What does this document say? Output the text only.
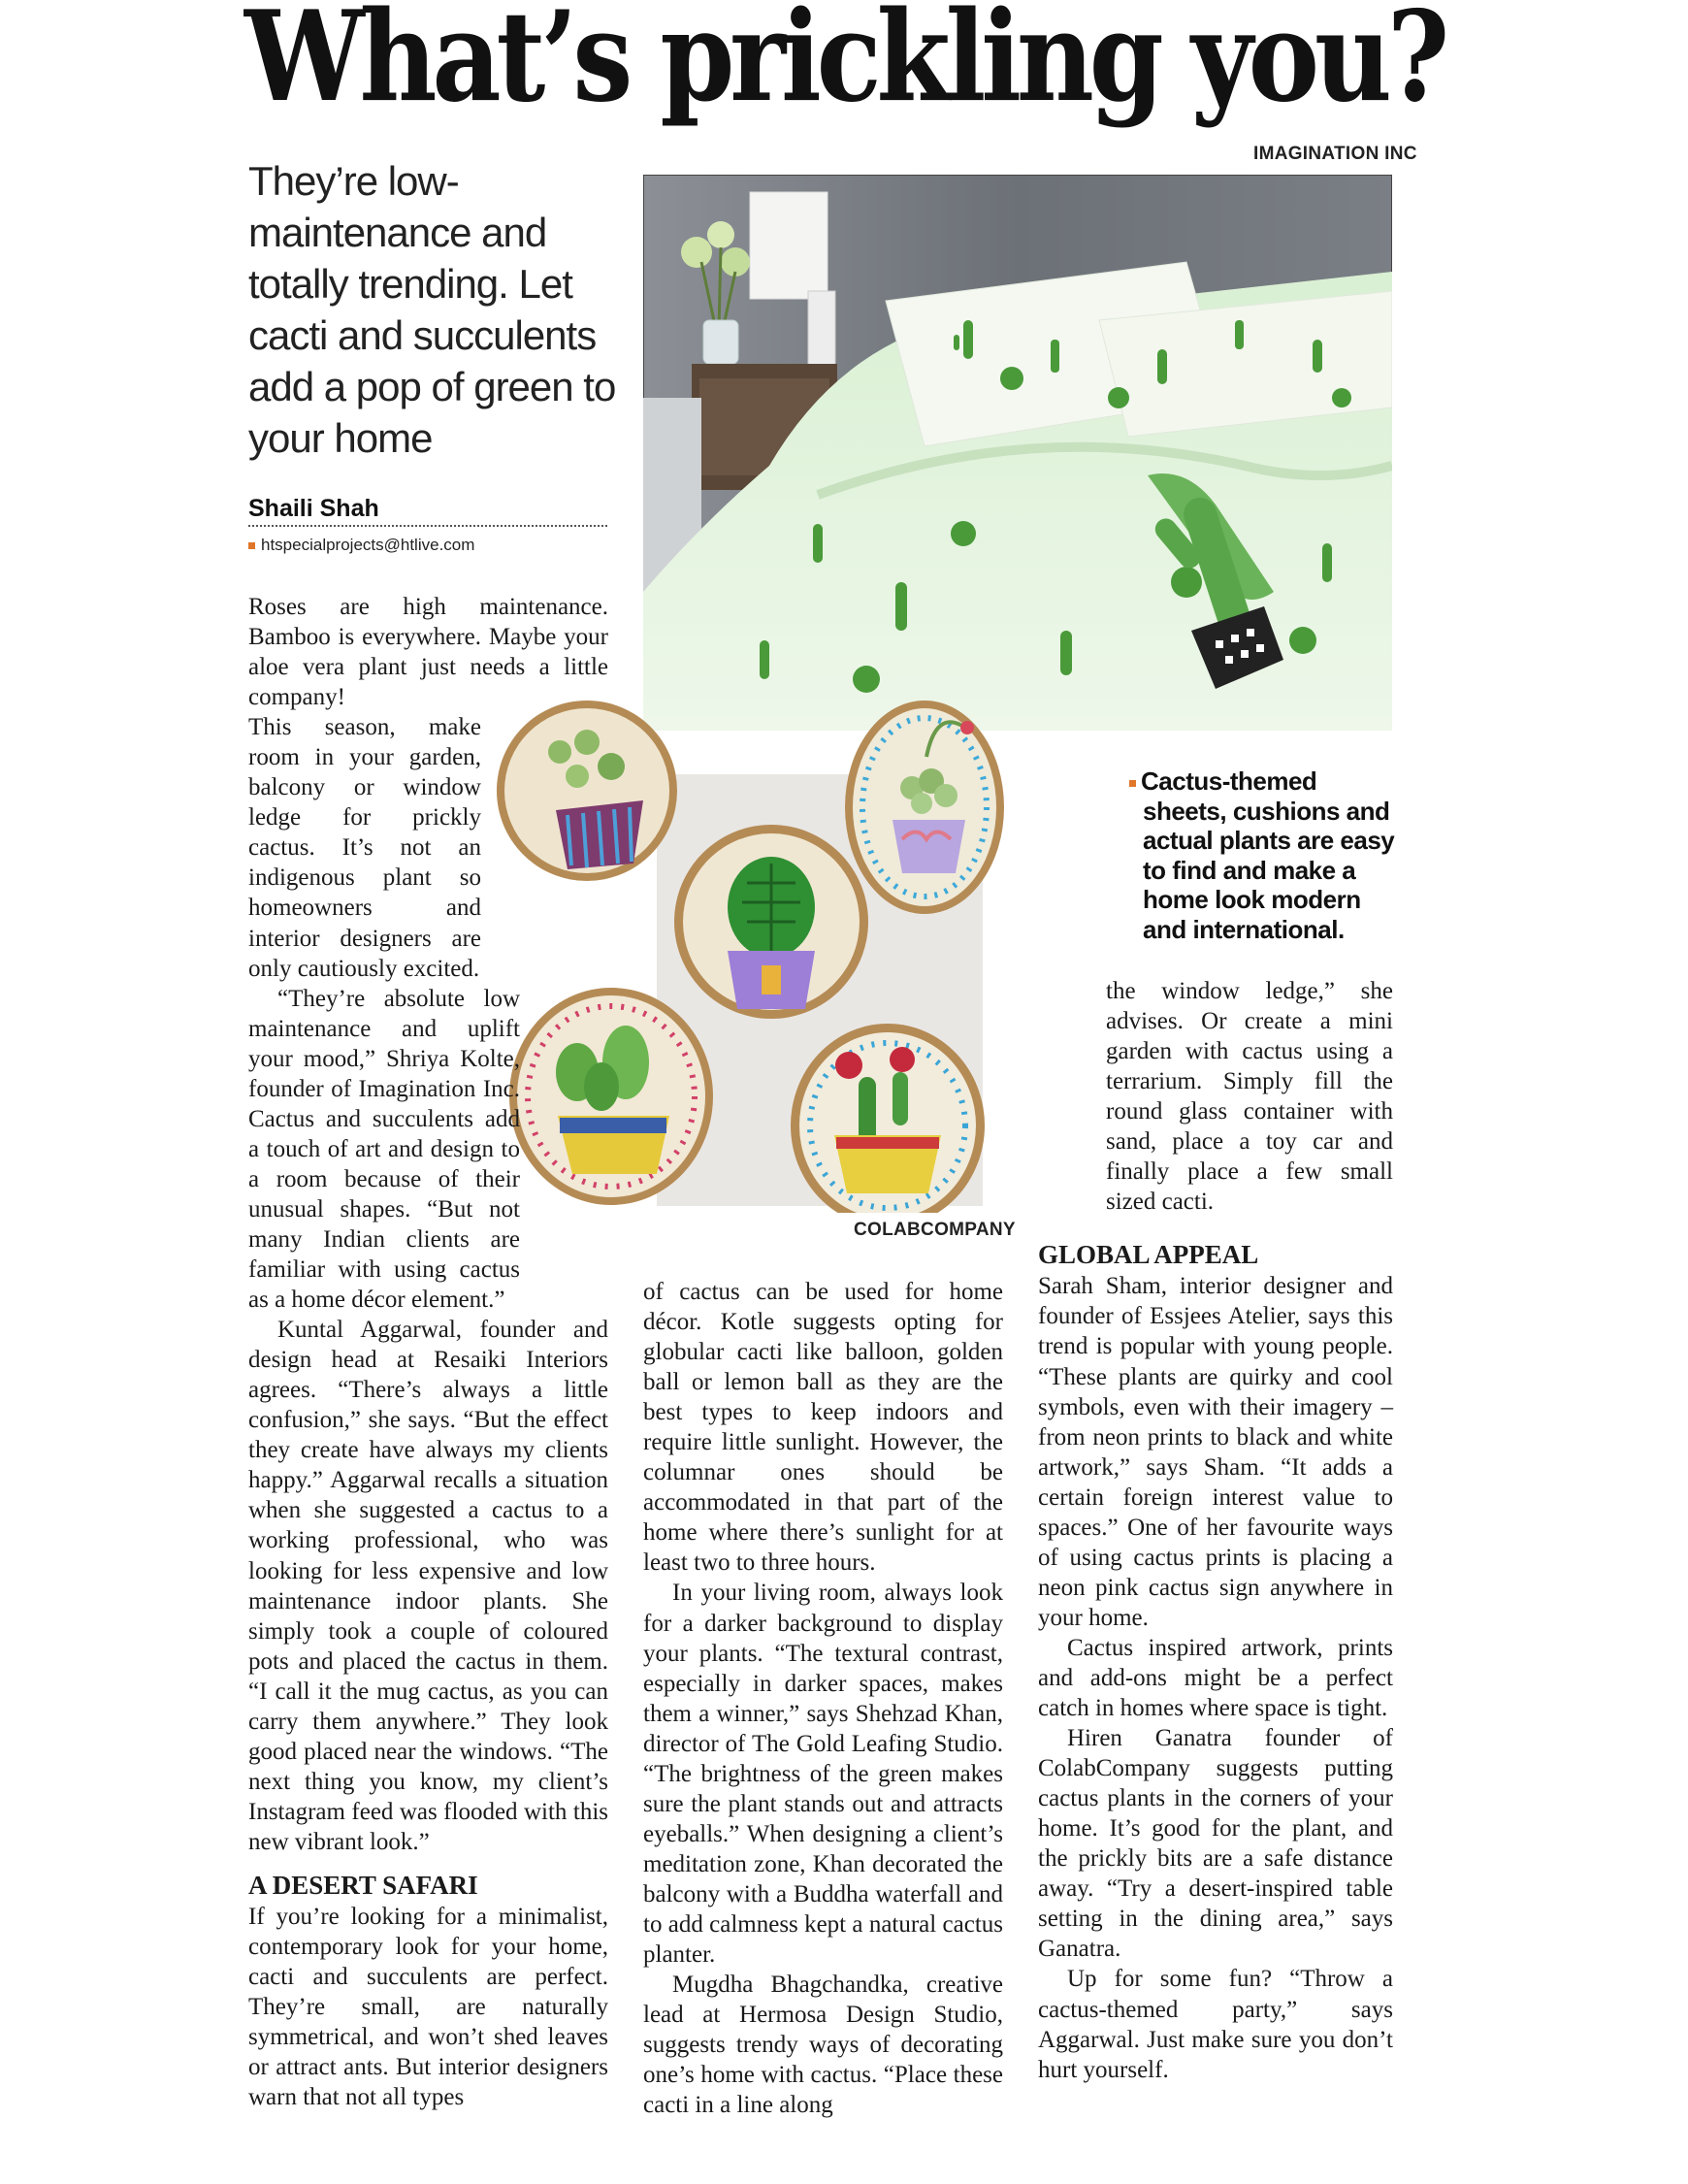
What’s prickling you?
They’re low-maintenance and totally trending. Let cacti and succulents add a pop of green to your home
Shaili Shah
htspecialprojects@htlive.com
IMAGINATION INC
Cactus-themed sheets, cushions and actual plants are easy to find and make a home look modern and international.
COLABCOMPANY

Roses are high maintenance. Bamboo is everywhere. Maybe your aloe vera plant just needs a little company!

This season, make room in your garden, balcony or window ledge for prickly cactus. It’s not an indigenous plant so homeowners and interior designers are only cautiously excited.

“They’re absolute low maintenance and uplift your mood,” Shriya Kolte, founder of Imagination Inc. Cactus and succulents add a touch of art and design to a room because of their unusual shapes. “But not many Indian clients are familiar with using cactus as a home décor element.”

Kuntal Aggarwal, founder and design head at Resaiki Interiors agrees. “There’s always a little confusion,” she says. “But the effect they create have always my clients happy.” Aggarwal recalls a situation when she suggested a cactus to a working professional, who was looking for less expensive and low maintenance indoor plants. She simply took a couple of coloured pots and placed the cactus in them. “I call it the mug cactus, as you can carry them anywhere.” They look good placed near the windows. “The next thing you know, my client’s Instagram feed was flooded with this new vibrant look.”

A DESERT SAFARI

If you’re looking for a minimalist, contemporary look for your home, cacti and succulents are perfect. They’re small, are naturally symmetrical, and won’t shed leaves or attract ants. But interior designers warn that not all types

of cactus can be used for home décor. Kotle suggests opting for globular cacti like balloon, golden ball or lemon ball as they are the best types to keep indoors and require little sunlight. However, the columnar ones should be accommodated in that part of the home where there’s sunlight for at least two to three hours.

In your living room, always look for a darker background to display your plants. “The textural contrast, especially in darker spaces, makes them a winner,” says Shehzad Khan, director of The Gold Leafing Studio. “The brightness of the green makes sure the plant stands out and attracts eyeballs.” When designing a client’s meditation zone, Khan decorated the balcony with a Buddha waterfall and to add calmness kept a natural cactus planter.

Mugdha Bhagchandka, creative lead at Hermosa Design Studio, suggests trendy ways of decorating one’s home with cactus. “Place these cacti in a line along

the window ledge,” she advises. Or create a mini garden with cactus using a terrarium. Simply fill the round glass container with sand, place a toy car and finally place a few small sized cacti.

GLOBAL APPEAL

Sarah Sham, interior designer and founder of Essjees Atelier, says this trend is popular with young people. “These plants are quirky and cool symbols, even with their imagery – from neon prints to black and white artwork,” says Sham. “It adds a certain foreign interest value to spaces.” One of her favourite ways of using cactus prints is placing a neon pink cactus sign anywhere in your home.

Cactus inspired artwork, prints and add-ons might be a perfect catch in homes where space is tight.

Hiren Ganatra founder of ColabCompany suggests putting cactus plants in the corners of your home. It’s good for the plant, and the prickly bits are a safe distance away. “Try a desert-inspired table setting in the dining area,” says Ganatra.

Up for some fun? “Throw a cactus-themed party,” says Aggarwal. Just make sure you don’t hurt yourself.
